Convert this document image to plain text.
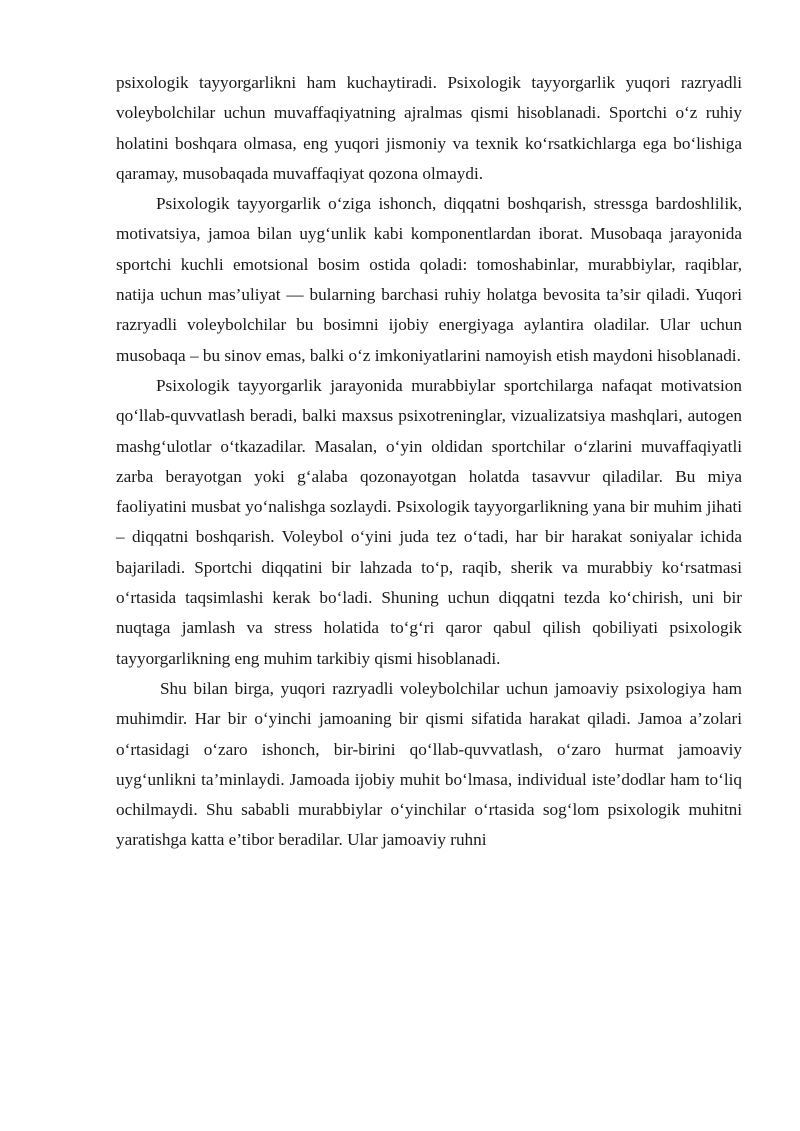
psixologik tayyorgarlikni ham kuchaytiradi. Psixologik tayyorgarlik yuqori razryadli voleybolchilar uchun muvaffaqiyatning ajralmas qismi hisoblanadi. Sportchi o‘z ruhiy holatini boshqara olmasa, eng yuqori jismoniy va texnik ko‘rsatkichlarga ega bo‘lishiga qaramay, musobaqada muvaffaqiyat qozona olmaydi.

Psixologik tayyorgarlik o‘ziga ishonch, diqqatni boshqarish, stressga bardoshlilik, motivatsiya, jamoa bilan uyg‘unlik kabi komponentlardan iborat. Musobaqa jarayonida sportchi kuchli emotsional bosim ostida qoladi: tomoshabinlar, murabbiylar, raqiblar, natija uchun mas’uliyat — bularning barchasi ruhiy holatga bevosita ta’sir qiladi. Yuqori razryadli voleybolchilar bu bosimni ijobiy energiyaga aylantira oladilar. Ular uchun musobaqa – bu sinov emas, balki o‘z imkoniyatlarini namoyish etish maydoni hisoblanadi.

Psixologik tayyorgarlik jarayonida murabbiylar sportchilarga nafaqat motivatsion qo‘llab-quvvatlash beradi, balki maxsus psixotreninglar, vizualizatsiya mashqlari, autogen mashg‘ulotlar o‘tkazadilar. Masalan, o‘yin oldidan sportchilar o‘zlarini muvaffaqiyatli zarba berayotgan yoki g‘alaba qozonayotgan holatda tasavvur qiladilar. Bu miya faoliyatini musbat yo‘nalishga sozlaydi. Psixologik tayyorgarlikning yana bir muhim jihati – diqqatni boshqarish. Voleybol o‘yini juda tez o‘tadi, har bir harakat soniyalar ichida bajariladi. Sportchi diqqatini bir lahzada to‘p, raqib, sherik va murabbiy ko‘rsatmasi o‘rtasida taqsimlashi kerak bo‘ladi. Shuning uchun diqqatni tezda ko‘chirish, uni bir nuqtaga jamlash va stress holatida to‘g‘ri qaror qabul qilish qobiliyati psixologik tayyorgarlikning eng muhim tarkibiy qismi hisoblanadi.

Shu bilan birga, yuqori razryadli voleybolchilar uchun jamoaviy psixologiya ham muhimdir. Har bir o‘yinchi jamoaning bir qismi sifatida harakat qiladi. Jamoa a’zolari o‘rtasidagi o‘zaro ishonch, bir-birini qo‘llab-quvvatlash, o‘zaro hurmat jamoaviy uyg‘unlikni ta’minlaydi. Jamoada ijobiy muhit bo‘lmasa, individual iste’dodlar ham to‘liq ochilmaydi. Shu sababli murabbiylar o‘yinchilar o‘rtasida sog‘lom psixologik muhitni yaratishga katta e’tibor beradilar. Ular jamoaviy ruhni
